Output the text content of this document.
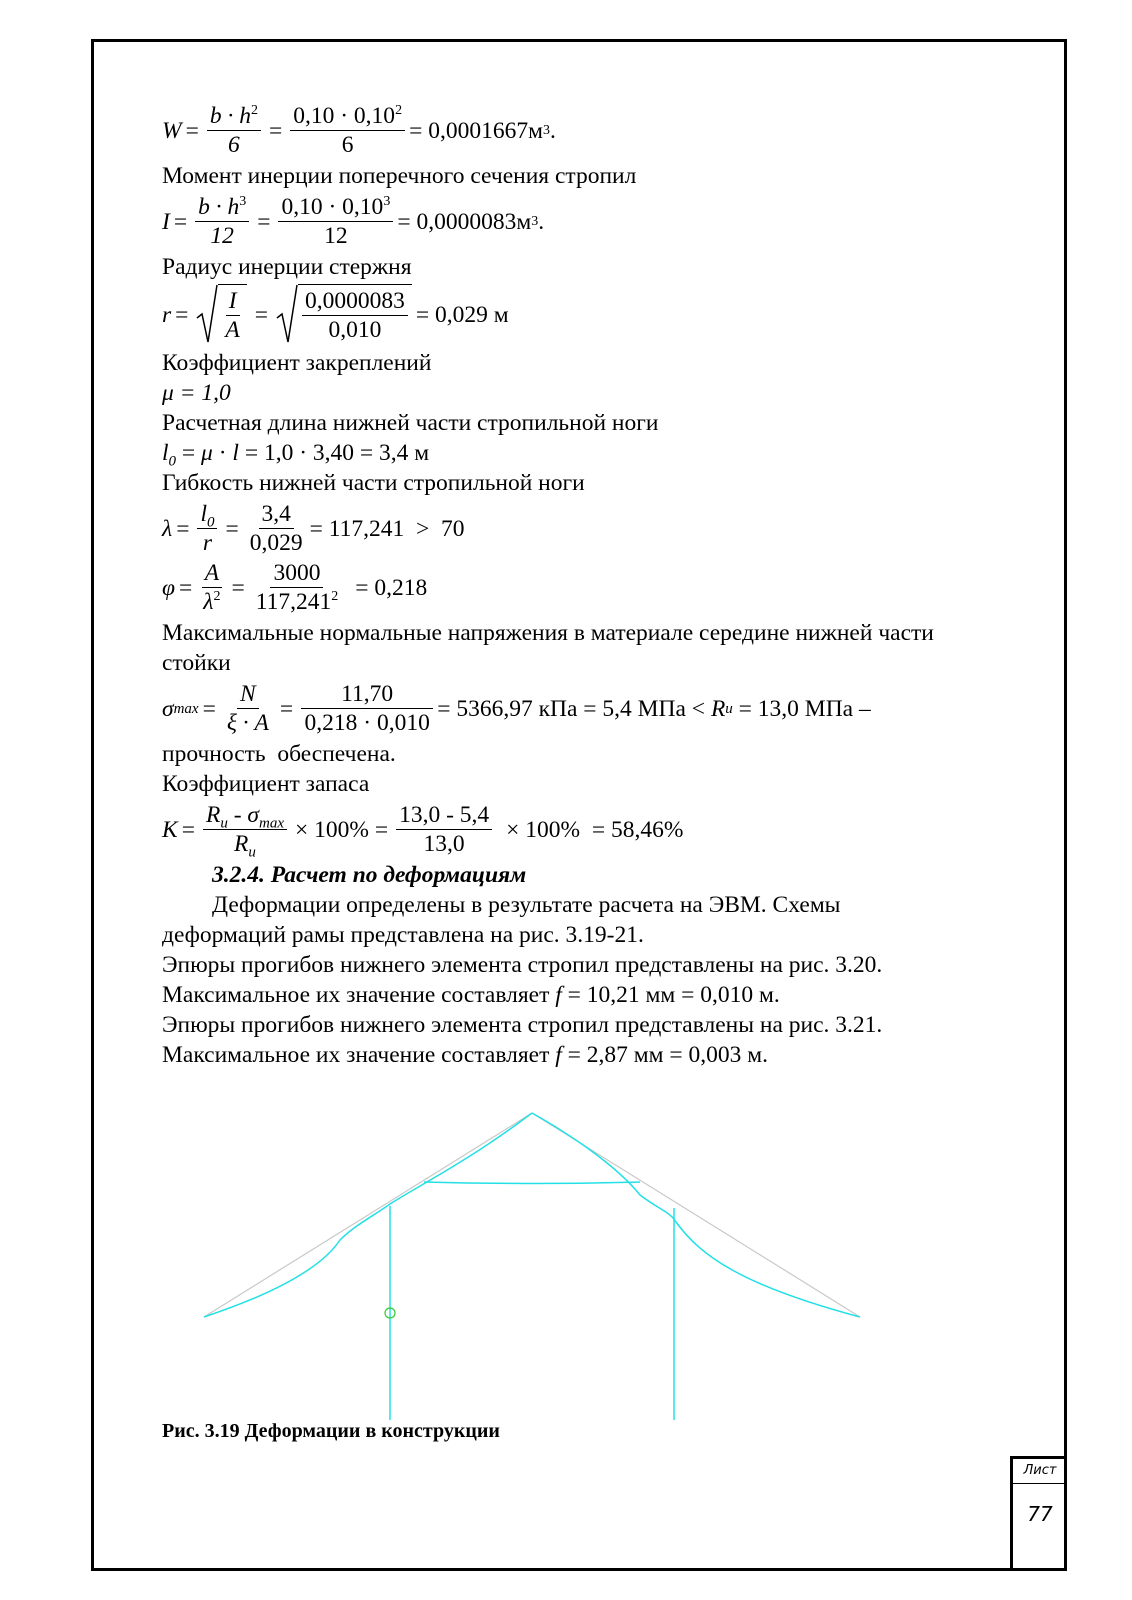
$W = \frac{b \cdot h^2}{6} = \frac{0,10 \cdot 0,10^2}{6} = 0,0001667м$ 3 .
Момент инерции поперечного сечения стропил
$I = \frac{b \cdot h^3}{12} = \frac{0,10 \cdot 0,10^3}{12} = 0,0000083м$ 3 .
Радиус инерции стержня
$r = \frac{I}{A} = \frac{0,0000083}{0,010} = 0,029$ м
Коэффициент закреплений
μ = 1,0
Расчетная длина нижней части стропильной ноги
$l_0 = \mu \cdot l = 1,0 \cdot 3,40 = 3,4$ м
Гибкость нижней части стропильной ноги
$\lambda = \frac{l_0}{r} = \frac{3,4}{0,029} = 117,241 > 70$
$\varphi = \frac{A}{\lambda^2} = \frac{3000}{117,241^2} = 0,218$
Максимальные нормальные напряжения в материале середине нижней части
стойки
σ $\max = \frac{N}{\xi \cdot A} = \frac{11,70}{0,218 \cdot 0,010} = 5366,97$ кПа = 5,4 МПа < R u = 13,0 МПа –
прочность  обеспечена.
Коэффициент запаса
$K = \frac{R_u - \sigma_{max}}{R_u} \times 100\% = \frac{13,0 - 5,4}{13,0} \times 100\% = 58,46\%$
3.2.4. Расчет по деформациям
Деформации определены в результате расчета на ЭВМ. Схемы
деформаций рамы представлена на рис. 3.19-21.
Эпюры прогибов нижнего элемента стропил представлены на рис. 3.20.
Максимальное их значение составляет f = 10,21 мм = 0,010 м.
Эпюры прогибов нижнего элемента стропил представлены на рис. 3.21.
Максимальное их значение составляет f = 2,87 мм = 0,003 м.
Рис. 3.19 Деформации в конструкции
Лист
77
